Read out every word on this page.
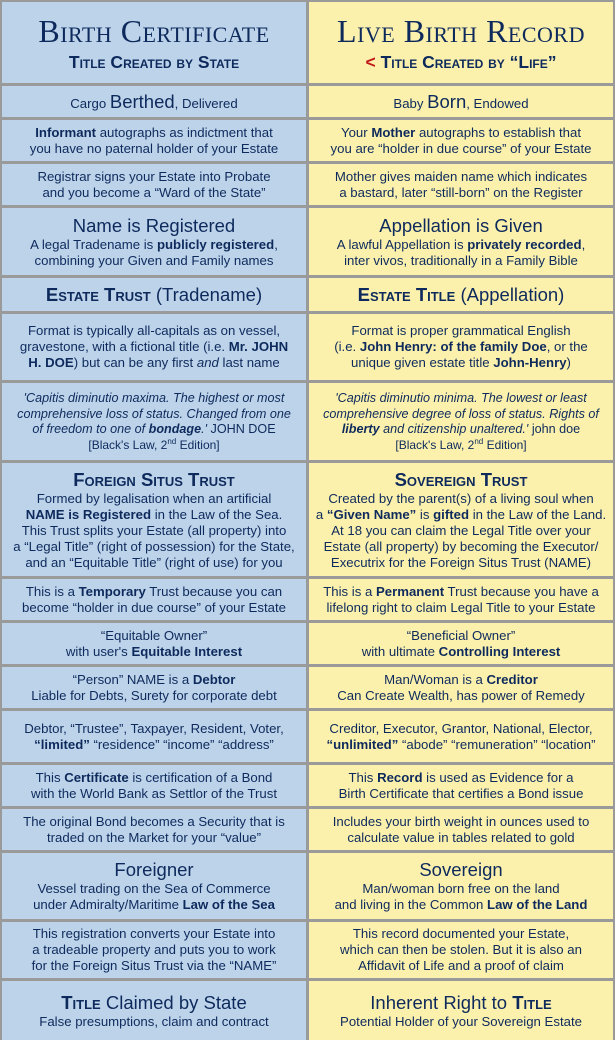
Birth Certificate
Title Created by State
Live Birth Record
< Title Created by “Life”
Cargo Berthed, Delivered	Baby Born, Endowed
Informant autographs as indictment that
you have no paternal holder of your Estate
Your Mother autographs to establish that
you are “holder in due course” of your Estate
Registrar signs your Estate into Probate
and you become a “Ward of the State”
Mother gives maiden name which indicates
a bastard, later “still-born” on the Register
Name is Registered
A legal Tradename is publicly registered,
combining your Given and Family names
Appellation is Given
A lawful Appellation is privately recorded,
inter vivos, traditionally in a Family Bible
Estate Trust (Tradename)	Estate Title (Appellation)
Format is typically all-capitals as on vessel,
gravestone, with a fictional title (i.e. Mr. JOHN
H. DOE) but can be any first and last name
Format is proper grammatical English
(i.e. John Henry: of the family Doe, or the
unique given estate title John-Henry)
'Capitis diminutio maxima. The highest or most
comprehensive loss of status. Changed from one
of freedom to one of bondage.' JOHN DOE
[Black's Law, 2nd Edition]
'Capitis diminutio minima. The lowest or least
comprehensive degree of loss of status. Rights of
liberty and citizenship unaltered.' john doe
[Black's Law, 2nd Edition]
Foreign Situs Trust
Formed by legalisation when an artificial
NAME is Registered in the Law of the Sea.
This Trust splits your Estate (all property) into
a “Legal Title” (right of possession) for the State,
and an “Equitable Title” (right of use) for you
Sovereign Trust
Created by the parent(s) of a living soul when
a “Given Name” is gifted in the Law of the Land.
At 18 you can claim the Legal Title over your
Estate (all property) by becoming the Executor/
Executrix for the Foreign Situs Trust (NAME)
This is a Temporary Trust because you can
become “holder in due course” of your Estate
This is a Permanent Trust because you have a
lifelong right to claim Legal Title to your Estate
“Equitable Owner”
with user's Equitable Interest
“Beneficial Owner”
with ultimate Controlling Interest
“Person” NAME is a Debtor
Liable for Debts, Surety for corporate debt
Man/Woman is a Creditor
Can Create Wealth, has power of Remedy
Debtor, “Trustee”, Taxpayer, Resident, Voter,
“limited” “residence” “income” “address”
Creditor, Executor, Grantor, National, Elector,
“unlimited” “abode” “remuneration” “location”
This Certificate is certification of a Bond
with the World Bank as Settlor of the Trust
This Record is used as Evidence for a
Birth Certificate that certifies a Bond issue
The original Bond becomes a Security that is
traded on the Market for your “value”
Includes your birth weight in ounces used to
calculate value in tables related to gold
Foreigner
Vessel trading on the Sea of Commerce
under Admiralty/Maritime Law of the Sea
Sovereign
Man/woman born free on the land
and living in the Common Law of the Land
This registration converts your Estate into
a tradeable property and puts you to work
for the Foreign Situs Trust via the “NAME”
This record documented your Estate,
which can then be stolen. But it is also an
Affidavit of Life and a proof of claim
Title Claimed by State
False presumptions, claim and contract
Inherent Right to Title
Potential Holder of your Sovereign Estate
